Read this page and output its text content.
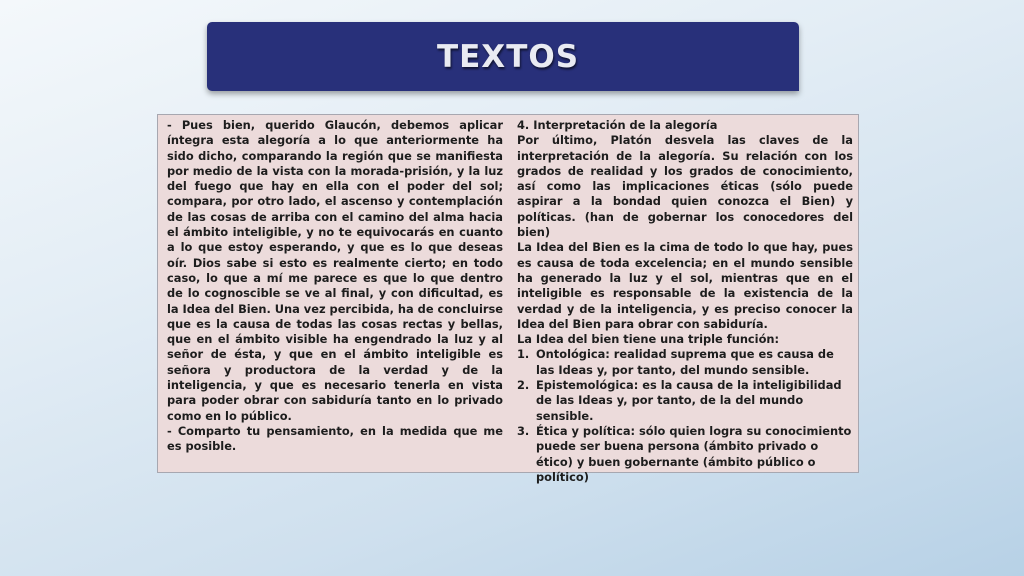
TEXTOS

- Pues bien, querido Glaucón, debemos aplicar íntegra esta alegoría a lo que anteriormente ha sido dicho, comparando la región que se manifiesta por medio de la vista con la morada-prisión, y la luz del fuego que hay en ella con el poder del sol; compara, por otro lado, el ascenso y contemplación de las cosas de arriba con el camino del alma hacia el ámbito inteligible, y no te equivocarás en cuanto a lo que estoy esperando, y que es lo que deseas oír. Dios sabe si esto es realmente cierto; en todo caso, lo que a mí me parece es que lo que dentro de lo cognoscible se ve al final, y con dificultad, es la Idea del Bien. Una vez percibida, ha de concluirse que es la causa de todas las cosas rectas y bellas, que en el ámbito visible ha engendrado la luz y al señor de ésta, y que en el ámbito inteligible es señora y productora de la verdad y de la inteligencia, y que es necesario tenerla en vista para poder obrar con sabiduría tanto en lo privado como en lo público.

- Comparto tu pensamiento, en la medida que me es posible.

4. Interpretación de la alegoría

Por último, Platón desvela las claves de la interpretación de la alegoría. Su relación con los grados de realidad y los grados de conocimiento, así como las implicaciones éticas (sólo puede aspirar a la bondad quien conozca el Bien) y políticas. (han de gobernar los conocedores del bien)

La Idea del Bien es la cima de todo lo que hay, pues es causa de toda excelencia; en el mundo sensible ha generado la luz y el sol, mientras que en el inteligible es responsable de la existencia de la verdad y de la inteligencia, y es preciso conocer la Idea del Bien para obrar con sabiduría.

La Idea del bien tiene una triple función:

1. Ontológica: realidad suprema que es causa de las Ideas y, por tanto, del mundo sensible.
2. Epistemológica: es la causa de la inteligibilidad de las Ideas y, por tanto, de la del mundo sensible.
3. Ética y política: sólo quien logra su conocimiento puede ser buena persona (ámbito privado o ético) y buen gobernante (ámbito público o político)
